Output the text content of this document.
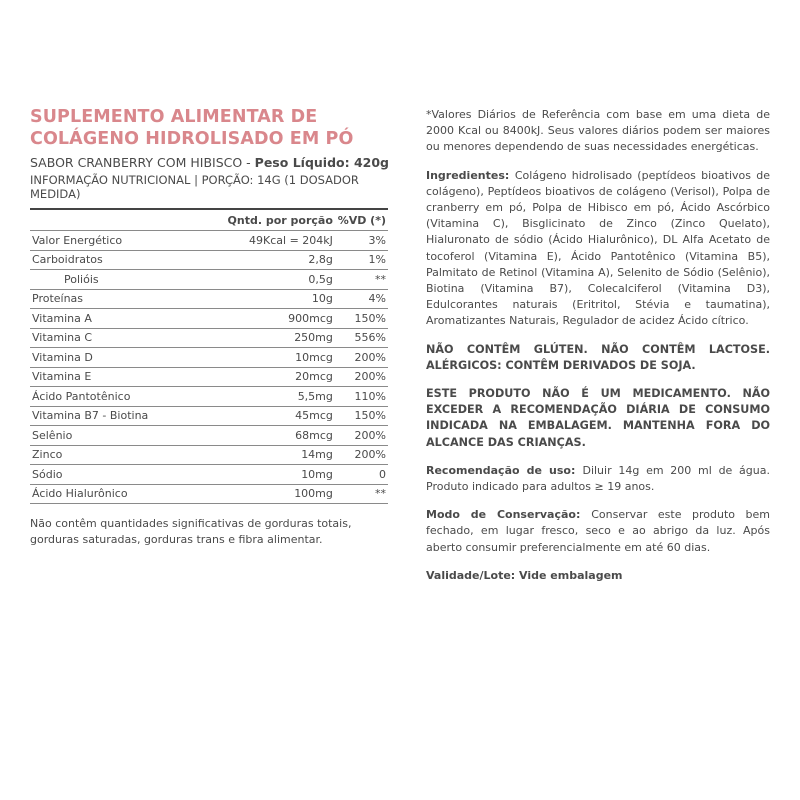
SUPLEMENTO ALIMENTAR DE
COLÁGENO HIDROLISADO EM PÓ
SABOR CRANBERRY COM HIBISCO - Peso Líquido: 420g
INFORMAÇÃO NUTRICIONAL | PORÇÃO: 14G (1 DOSADOR MEDIDA)
	Qntd. por porção	%VD (*)
Valor Energético	49Kcal = 204kJ	3%
Carboidratos	2,8g	1%
Polióis	0,5g	**
Proteínas	10g	4%
Vitamina A	900mcg	150%
Vitamina C	250mg	556%
Vitamina D	10mcg	200%
Vitamina E	20mcg	200%
Ácido Pantotênico	5,5mg	110%
Vitamina B7 - Biotina	45mcg	150%
Selênio	68mcg	200%
Zinco	14mg	200%
Sódio	10mg	0
Ácido Hialurônico	100mg	**
Não contêm quantidades significativas de gorduras totais, gorduras saturadas, gorduras trans e fibra alimentar.

*Valores Diários de Referência com base em uma dieta de 2000 Kcal ou 8400kJ. Seus valores diários podem ser maiores ou menores dependendo de suas necessidades energéticas.

Ingredientes: Colágeno hidrolisado (peptídeos bioativos de colágeno), Peptídeos bioativos de colágeno (Verisol), Polpa de cranberry em pó, Polpa de Hibisco em pó, Ácido Ascórbico (Vitamina C), Bisglicinato de Zinco (Zinco Quelato), Hialuronato de sódio (Ácido Hialurônico), DL Alfa Acetato de tocoferol (Vitamina E), Ácido Pantotênico (Vitamina B5), Palmitato de Retinol (Vitamina A), Selenito de Sódio (Selênio), Biotina (Vitamina B7), Colecalciferol (Vitamina D3), Edulcorantes naturais (Eritritol, Stévia e taumatina), Aromatizantes Naturais, Regulador de acidez Ácido cítrico.

NÃO CONTÊM GLÚTEN. NÃO CONTÊM LACTOSE. ALÉRGICOS: CONTÊM DERIVADOS DE SOJA.

ESTE PRODUTO NÃO É UM MEDICAMENTO. NÃO EXCEDER A RECOMENDAÇÃO DIÁRIA DE CONSUMO INDICADA NA EMBALAGEM. MANTENHA FORA DO ALCANCE DAS CRIANÇAS.

Recomendação de uso: Diluir 14g em 200 ml de água. Produto indicado para adultos ≥ 19 anos.

Modo de Conservação: Conservar este produto bem fechado, em lugar fresco, seco e ao abrigo da luz. Após aberto consumir preferencialmente em até 60 dias.

Validade/Lote: Vide embalagem
